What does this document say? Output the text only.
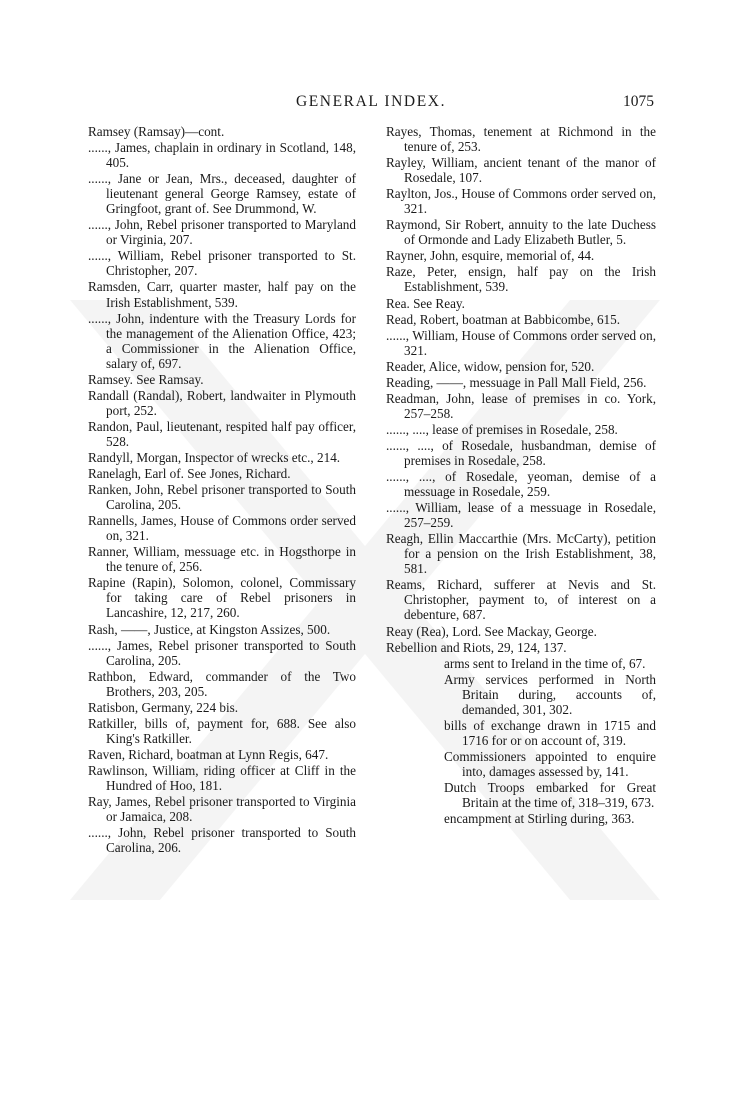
GENERAL INDEX.	1075

Ramsey (Ramsay)—cont.

......, James, chaplain in ordinary in Scotland, 148, 405.

......, Jane or Jean, Mrs., deceased, daughter of lieutenant general George Ramsey, estate of Gringfoot, grant of. See Drummond, W.

......, John, Rebel prisoner transported to Maryland or Virginia, 207.

......, William, Rebel prisoner transported to St. Christopher, 207.

Ramsden, Carr, quarter master, half pay on the Irish Establishment, 539.

......, John, indenture with the Treasury Lords for the management of the Alienation Office, 423; a Commissioner in the Alienation Office, salary of, 697.

Ramsey. See Ramsay.

Randall (Randal), Robert, landwaiter in Plymouth port, 252.

Randon, Paul, lieutenant, respited half pay officer, 528.

Randyll, Morgan, Inspector of wrecks etc., 214.

Ranelagh, Earl of. See Jones, Richard.

Ranken, John, Rebel prisoner transported to South Carolina, 205.

Rannells, James, House of Commons order served on, 321.

Ranner, William, messuage etc. in Hogsthorpe in the tenure of, 256.

Rapine (Rapin), Solomon, colonel, Commissary for taking care of Rebel prisoners in Lancashire, 12, 217, 260.

Rash, ——, Justice, at Kingston Assizes, 500.

......, James, Rebel prisoner transported to South Carolina, 205.

Rathbon, Edward, commander of the Two Brothers, 203, 205.

Ratisbon, Germany, 224 bis.

Ratkiller, bills of, payment for, 688. See also King's Ratkiller.

Raven, Richard, boatman at Lynn Regis, 647.

Rawlinson, William, riding officer at Cliff in the Hundred of Hoo, 181.

Ray, James, Rebel prisoner transported to Virginia or Jamaica, 208.

......, John, Rebel prisoner transported to South Carolina, 206.

Rayes, Thomas, tenement at Richmond in the tenure of, 253.

Rayley, William, ancient tenant of the manor of Rosedale, 107.

Raylton, Jos., House of Commons order served on, 321.

Raymond, Sir Robert, annuity to the late Duchess of Ormonde and Lady Elizabeth Butler, 5.

Rayner, John, esquire, memorial of, 44.

Raze, Peter, ensign, half pay on the Irish Establishment, 539.

Rea. See Reay.

Read, Robert, boatman at Babbicombe, 615.

......, William, House of Commons order served on, 321.

Reader, Alice, widow, pension for, 520.

Reading, ——, messuage in Pall Mall Field, 256.

Readman, John, lease of premises in co. York, 257–258.

......, ...., lease of premises in Rosedale, 258.

......, ...., of Rosedale, husbandman, demise of premises in Rosedale, 258.

......, ...., of Rosedale, yeoman, demise of a messuage in Rosedale, 259.

......, William, lease of a messuage in Rosedale, 257–259.

Reagh, Ellin Maccarthie (Mrs. McCarty), petition for a pension on the Irish Establishment, 38, 581.

Reams, Richard, sufferer at Nevis and St. Christopher, payment to, of interest on a debenture, 687.

Reay (Rea), Lord. See Mackay, George.

Rebellion and Riots, 29, 124, 137.

arms sent to Ireland in the time of, 67.

Army services performed in North Britain during, accounts of, demanded, 301, 302.

bills of exchange drawn in 1715 and 1716 for or on account of, 319.

Commissioners appointed to enquire into, damages assessed by, 141.

Dutch Troops embarked for Great Britain at the time of, 318–319, 673.

encampment at Stirling during, 363.
